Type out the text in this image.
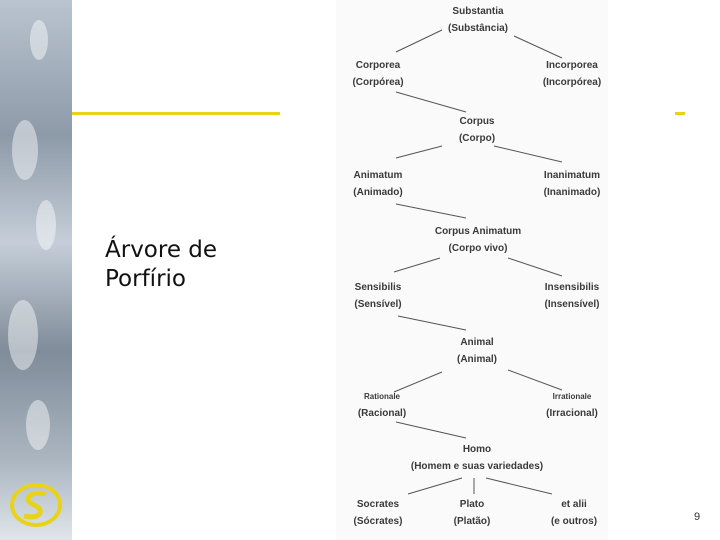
Árvore de
Porfírio
Substantia
(Substância)
Corporea
(Corpórea)
Incorporea
(Incorpórea)
Corpus
(Corpo)
Animatum
(Animado)
Inanimatum
(Inanimado)
Corpus Animatum
(Corpo vivo)
Sensibilis
(Sensível)
Insensibilis
(Insensível)
Animal
(Animal)
Rationale
(Racional)
Irrationale
(Irracional)
Homo
(Homem e suas variedades)
Socrates
(Sócrates)
Plato
(Platão)
et alii
(e outros)	9
